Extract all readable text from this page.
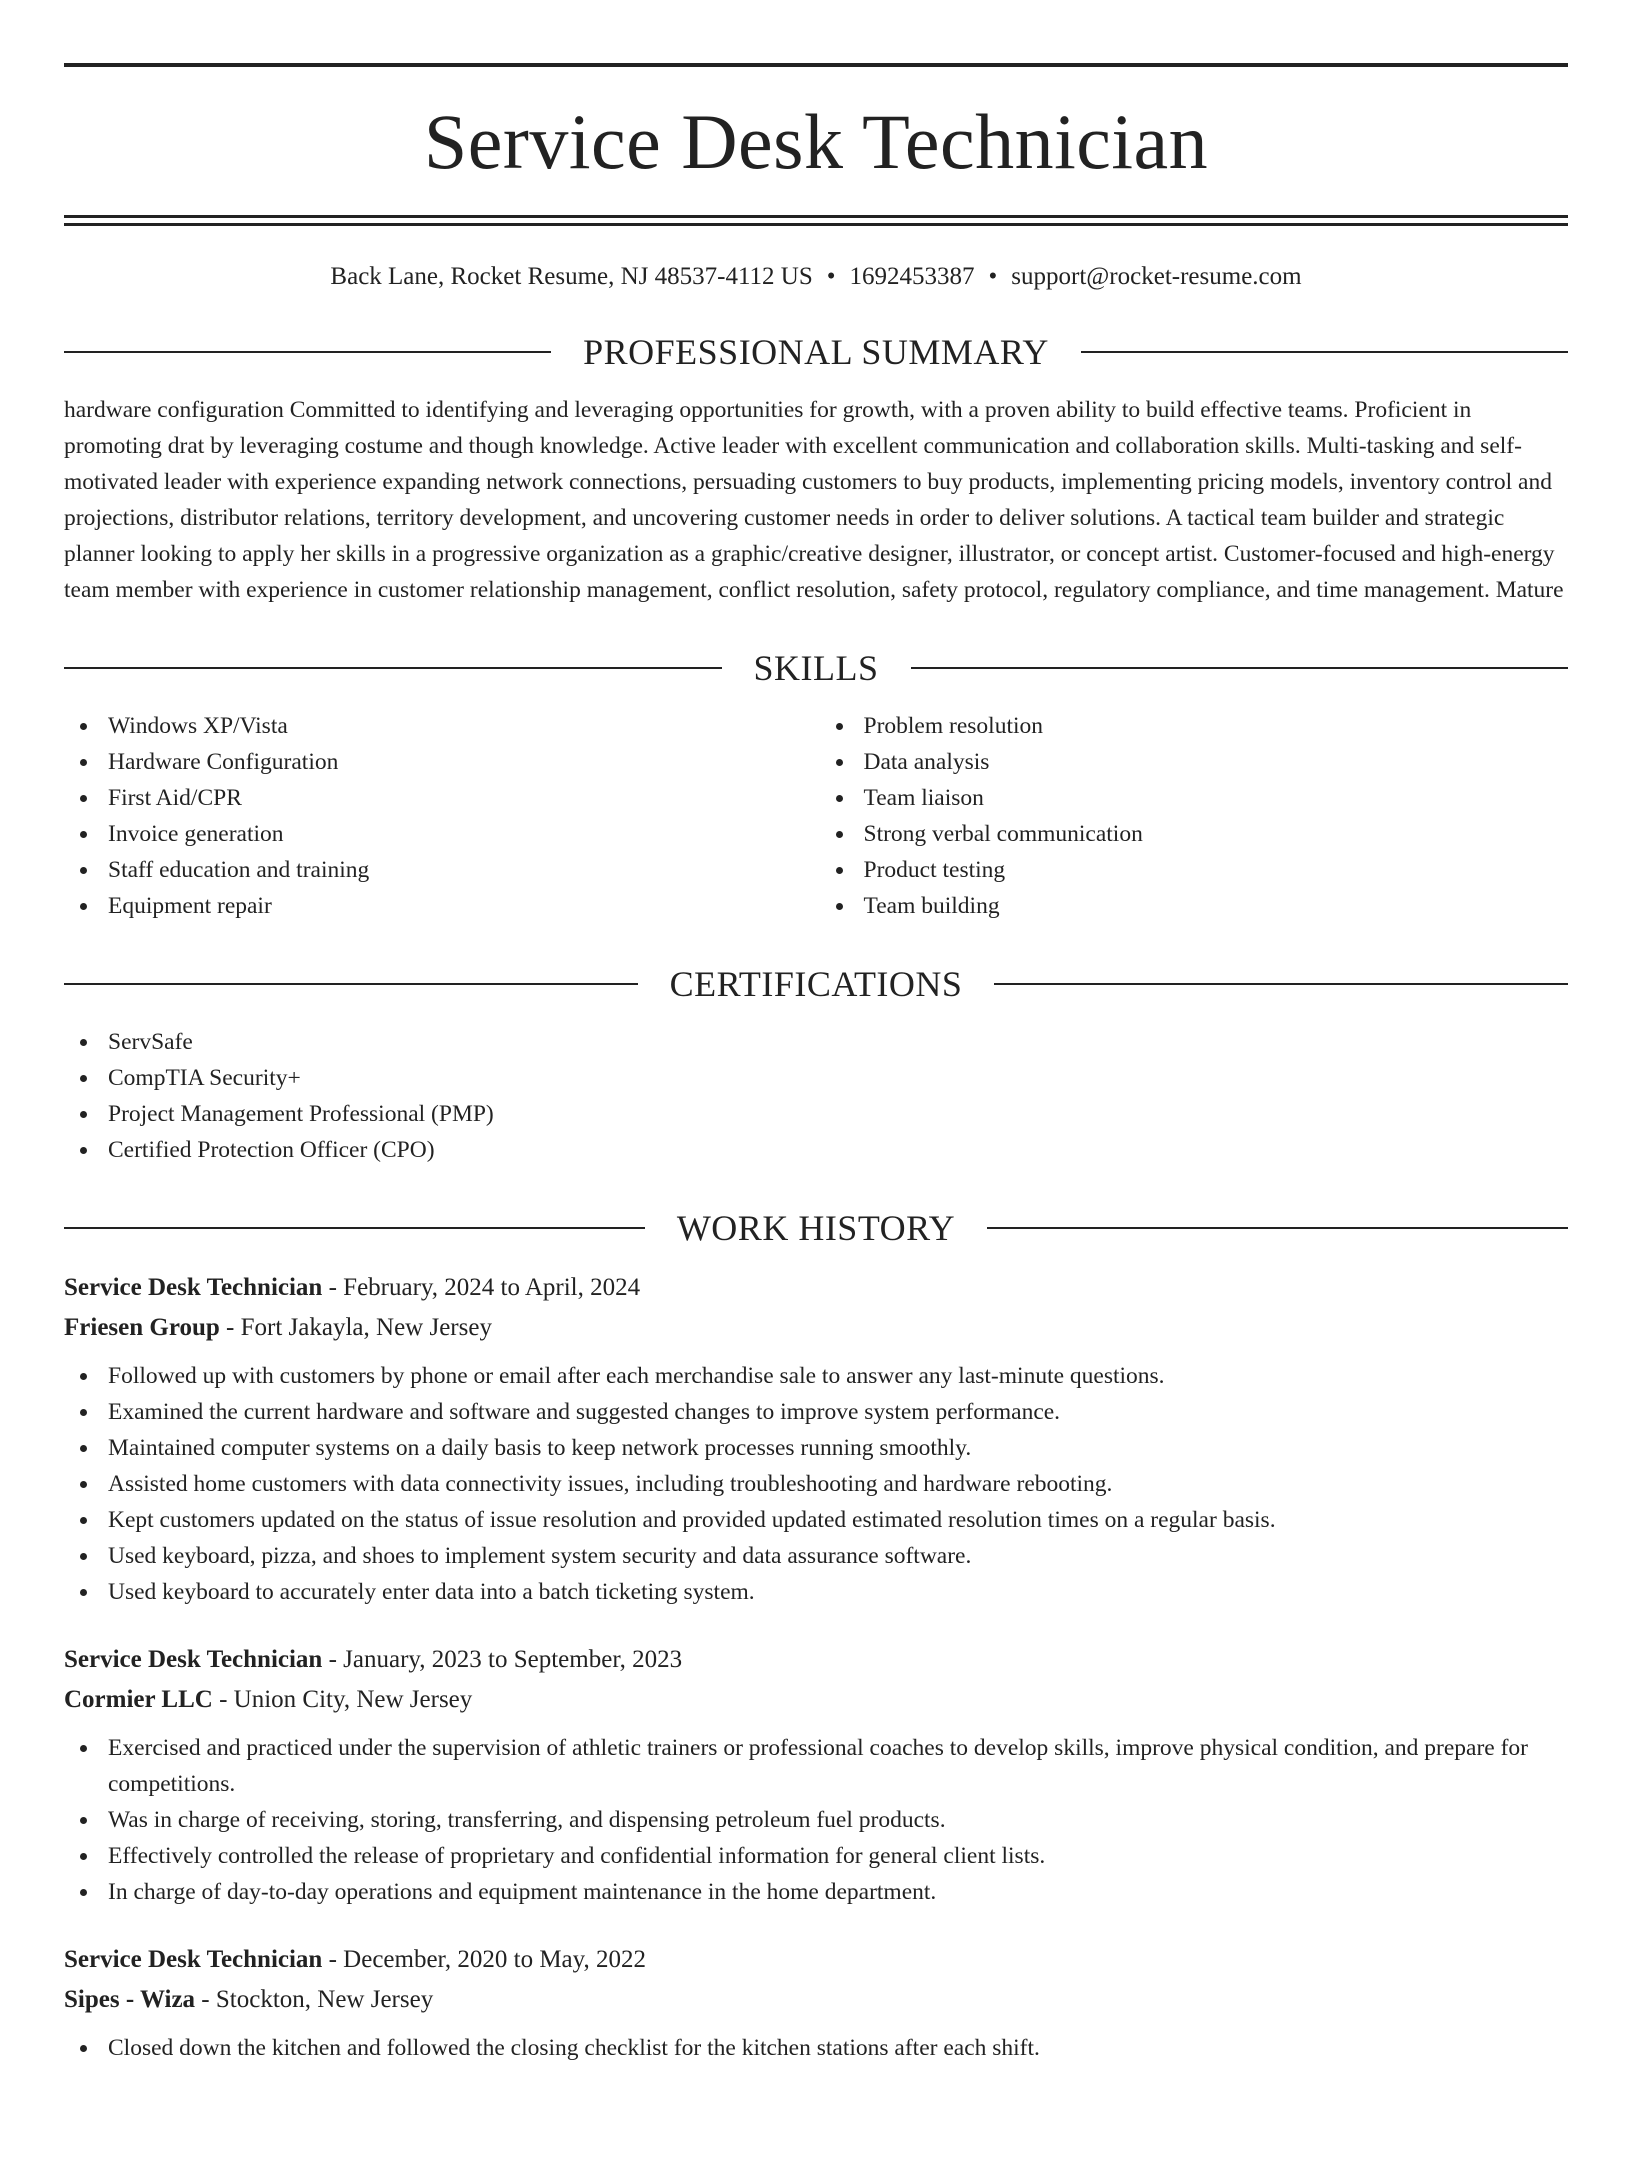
Service Desk Technician
Back Lane, Rocket Resume, NJ 48537-4112 US • 1692453387 • support@rocket-resume.com
PROFESSIONAL SUMMARY

hardware configuration Committed to identifying and leveraging opportunities for growth, with a proven ability to build effective teams. Proficient in promoting drat by leveraging costume and though knowledge. Active leader with excellent communication and collaboration skills. Multi-tasking and self-motivated leader with experience expanding network connections, persuading customers to buy products, implementing pricing models, inventory control and projections, distributor relations, territory development, and uncovering customer needs in order to deliver solutions. A tactical team builder and strategic planner looking to apply her skills in a progressive organization as a graphic/creative designer, illustrator, or concept artist. Customer-focused and high-energy team member with experience in customer relationship management, conflict resolution, safety protocol, regulatory compliance, and time management. Mature

SKILLS
Windows XP/Vista
Hardware Configuration
First Aid/CPR
Invoice generation
Staff education and training
Equipment repair
Problem resolution
Data analysis
Team liaison
Strong verbal communication
Product testing
Team building
CERTIFICATIONS
ServSafe
CompTIA Security+
Project Management Professional (PMP)
Certified Protection Officer (CPO)
WORK HISTORY
Service Desk Technician - February, 2024 to April, 2024
Friesen Group - Fort Jakayla, New Jersey
Followed up with customers by phone or email after each merchandise sale to answer any last-minute questions.
Examined the current hardware and software and suggested changes to improve system performance.
Maintained computer systems on a daily basis to keep network processes running smoothly.
Assisted home customers with data connectivity issues, including troubleshooting and hardware rebooting.
Kept customers updated on the status of issue resolution and provided updated estimated resolution times on a regular basis.
Used keyboard, pizza, and shoes to implement system security and data assurance software.
Used keyboard to accurately enter data into a batch ticketing system.
Service Desk Technician - January, 2023 to September, 2023
Cormier LLC - Union City, New Jersey
Exercised and practiced under the supervision of athletic trainers or professional coaches to develop skills, improve physical condition, and prepare for competitions.
Was in charge of receiving, storing, transferring, and dispensing petroleum fuel products.
Effectively controlled the release of proprietary and confidential information for general client lists.
In charge of day-to-day operations and equipment maintenance in the home department.
Service Desk Technician - December, 2020 to May, 2022
Sipes - Wiza - Stockton, New Jersey
Closed down the kitchen and followed the closing checklist for the kitchen stations after each shift.
